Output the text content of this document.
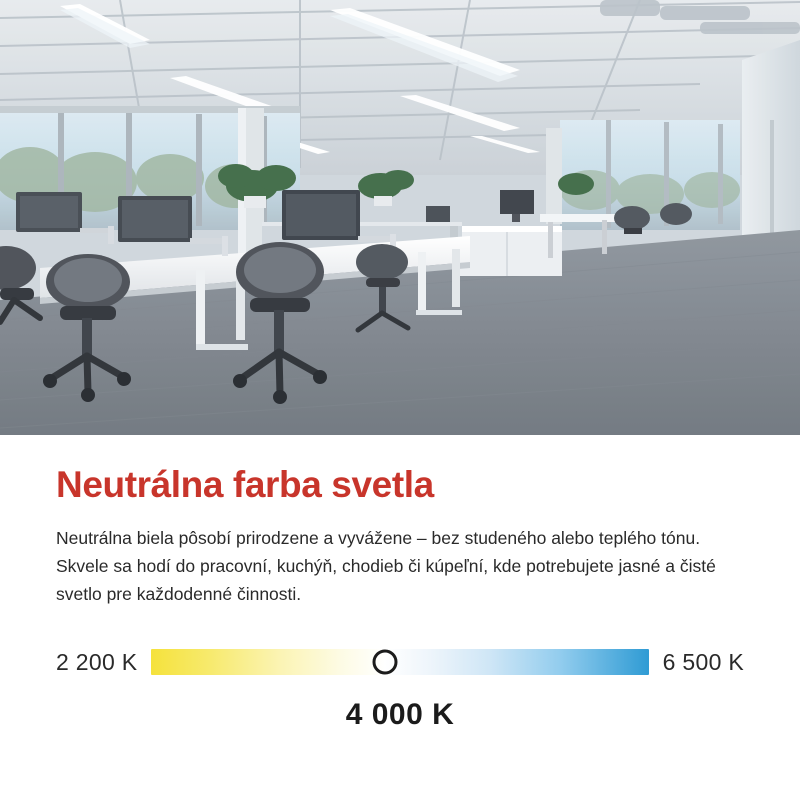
Neutrálna farba svetla

Neutrálna biela pôsobí prirodzene a vyvážene – bez studeného alebo teplého tónu. Skvele sa hodí do pracovní, kuchýň, chodieb či kúpeľní, kde potrebujete jasné a čisté svetlo pre každodenné činnosti.

2 200 K	6 500 K
4 000 K
